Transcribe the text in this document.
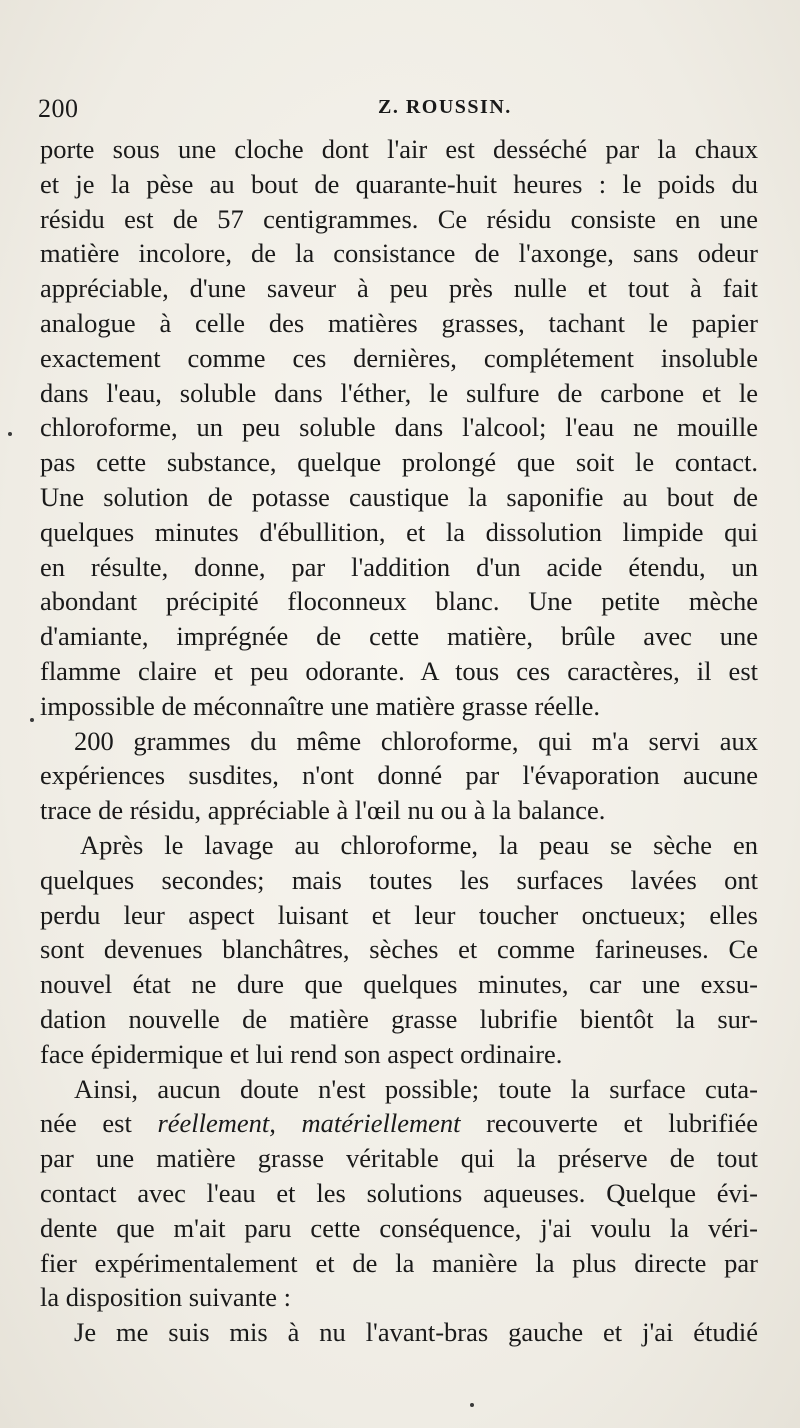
200	Z. ROUSSIN.
porte sous une cloche dont l'air est desséché par la chaux
et je la pèse au bout de quarante-huit heures : le poids du
résidu est de 57 centigrammes. Ce résidu consiste en une
matière incolore, de la consistance de l'axonge, sans odeur
appréciable, d'une saveur à peu près nulle et tout à fait
analogue à celle des matières grasses, tachant le papier
exactement comme ces dernières, complétement insoluble
dans l'eau, soluble dans l'éther, le sulfure de carbone et le
chloroforme, un peu soluble dans l'alcool; l'eau ne mouille
pas cette substance, quelque prolongé que soit le contact.
Une solution de potasse caustique la saponifie au bout de
quelques minutes d'ébullition, et la dissolution limpide qui
en résulte, donne, par l'addition d'un acide étendu, un
abondant précipité floconneux blanc. Une petite mèche
d'amiante, imprégnée de cette matière, brûle avec une
flamme claire et peu odorante. A tous ces caractères, il est
impossible de méconnaître une matière grasse réelle.
200 grammes du même chloroforme, qui m'a servi aux
expériences susdites, n'ont donné par l'évaporation aucune
trace de résidu, appréciable à l'œil nu ou à la balance.
Après le lavage au chloroforme, la peau se sèche en
quelques secondes; mais toutes les surfaces lavées ont
perdu leur aspect luisant et leur toucher onctueux; elles
sont devenues blanchâtres, sèches et comme farineuses. Ce
nouvel état ne dure que quelques minutes, car une exsu-
dation nouvelle de matière grasse lubrifie bientôt la sur-
face épidermique et lui rend son aspect ordinaire.
Ainsi, aucun doute n'est possible; toute la surface cuta-
née est réellement, matériellement recouverte et lubrifiée
par une matière grasse véritable qui la préserve de tout
contact avec l'eau et les solutions aqueuses. Quelque évi-
dente que m'ait paru cette conséquence, j'ai voulu la véri-
fier expérimentalement et de la manière la plus directe par
la disposition suivante :
Je me suis mis à nu l'avant-bras gauche et j'ai étudié
